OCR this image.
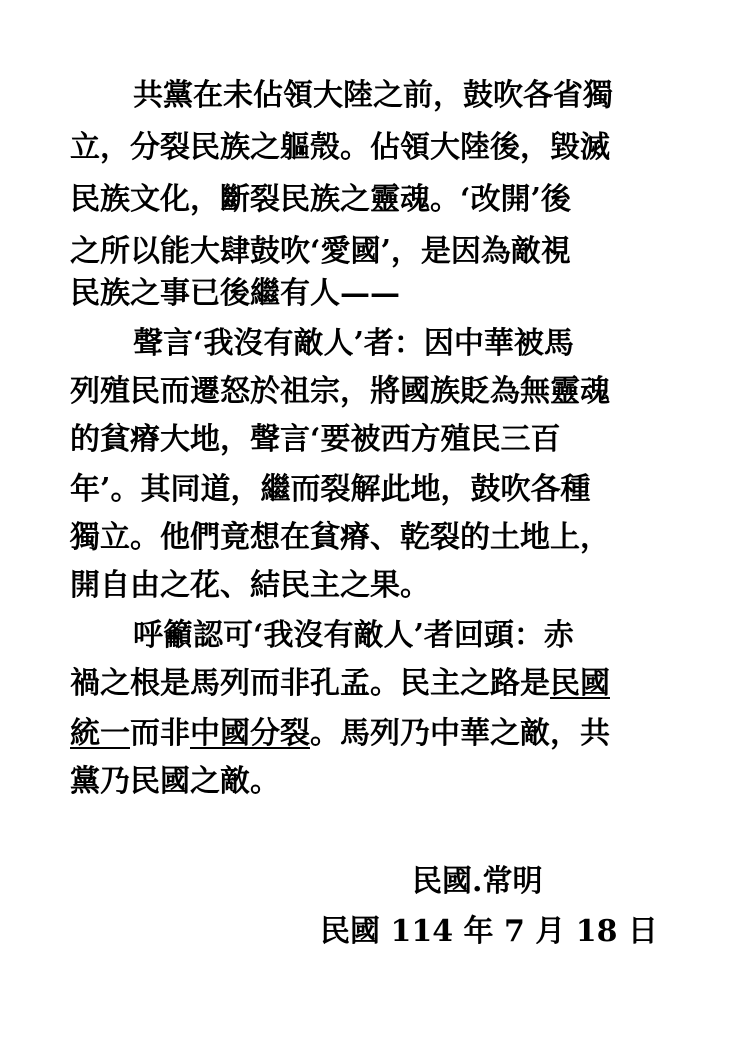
共黨在未佔領大陸之前，鼓吹各省獨
立，分裂民族之軀殼。佔領大陸後，毀滅
民族文化，斷裂民族之靈魂。‘改開’後
之所以能大肆鼓吹‘愛國’，是因為敵視
民族之事已後繼有人——
聲言‘我沒有敵人’者：因中華被馬
列殖民而遷怒於祖宗，將國族貶為無靈魂
的貧瘠大地，聲言‘要被西方殖民三百
年’。其同道，繼而裂解此地，鼓吹各種
獨立。他們竟想在貧瘠、乾裂的土地上，
開自由之花、結民主之果。
呼籲認可‘我沒有敵人’者回頭：赤
禍之根是馬列而非孔孟。民主之路是民國
統一而非中國分裂。馬列乃中華之敵，共
黨乃民國之敵。
民國.常明
民國 114 年 7 月 18 日
